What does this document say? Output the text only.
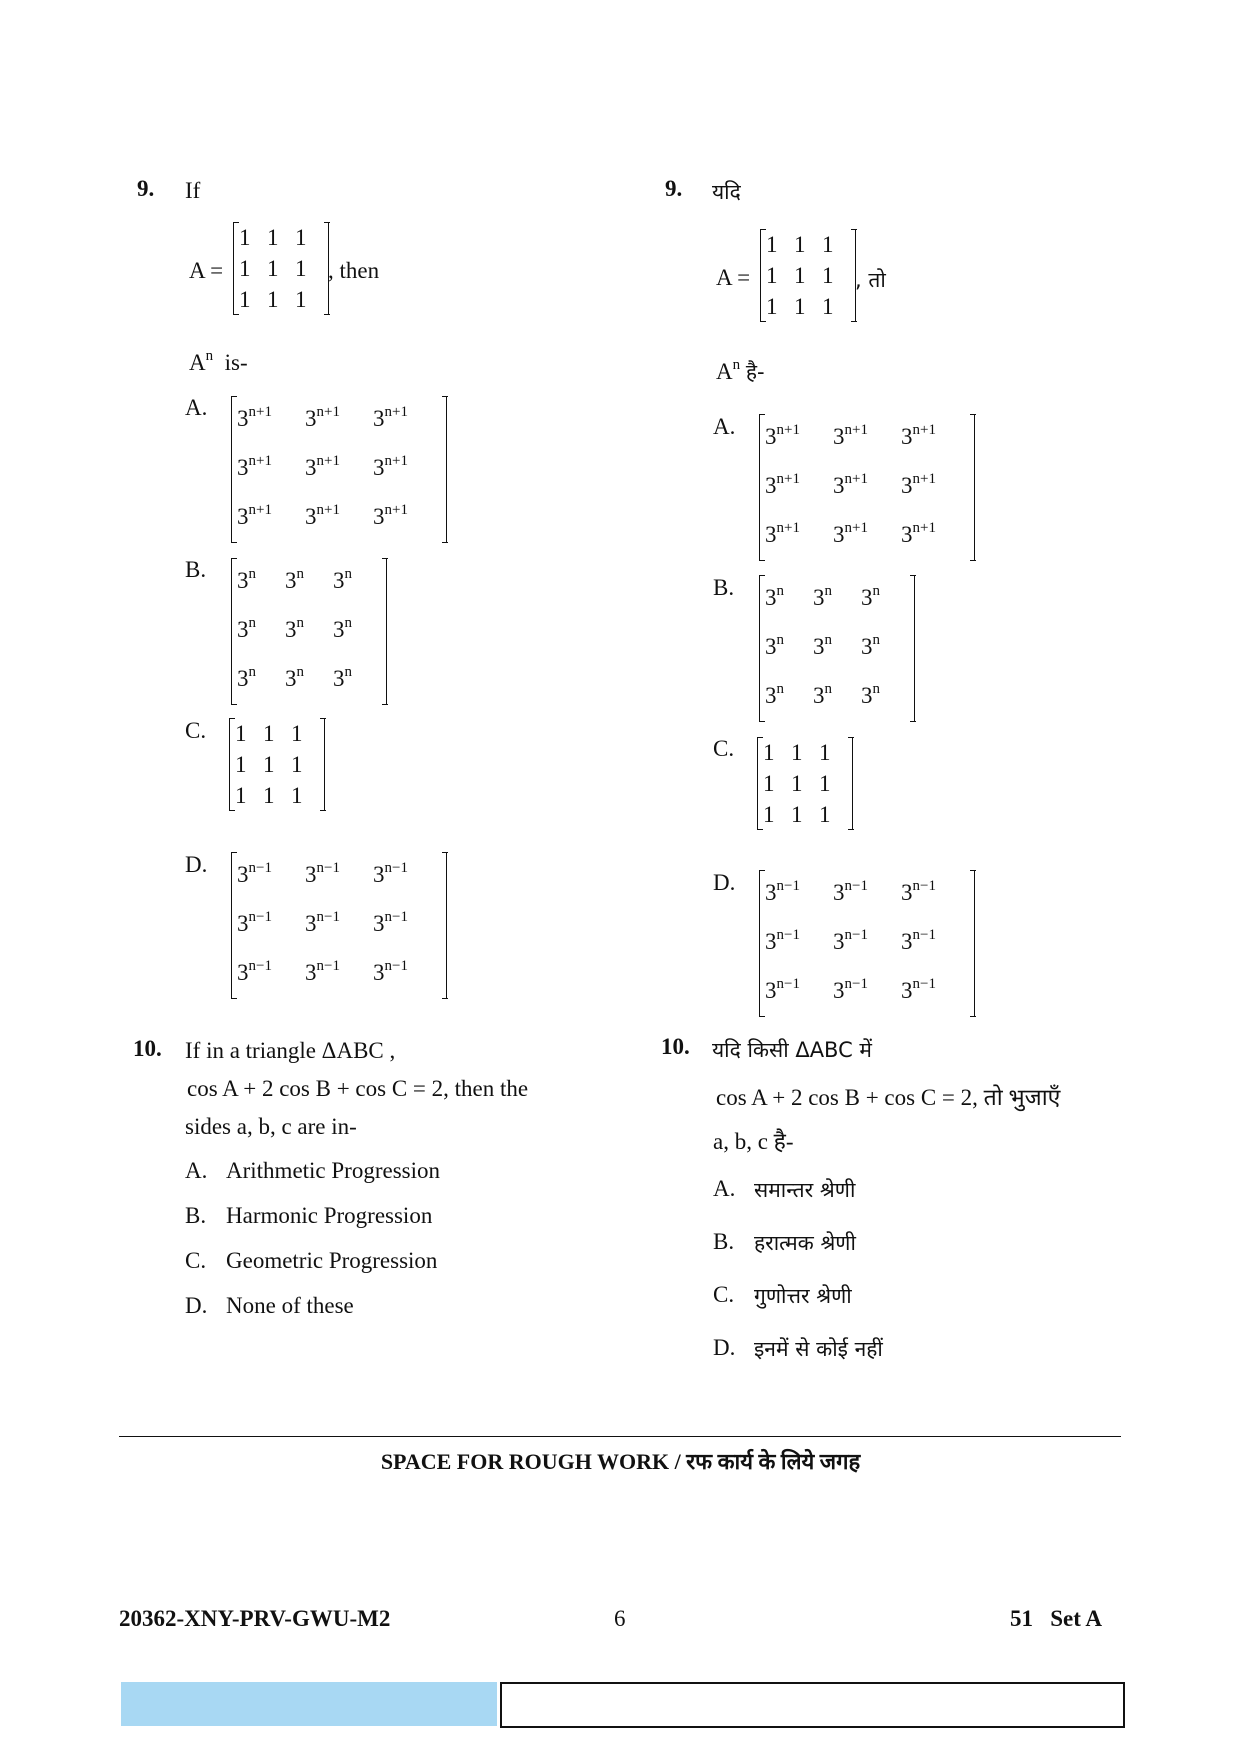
9. If
A =
1 1 1
1 1 1
1 1 1
, then
$A^n$ is-
A. $3^{n+1}$	$3^{n+1}$	$3^{n+1}$
$3^{n+1}$	$3^{n+1}$	$3^{n+1}$
$3^{n+1}$	$3^{n+1}$	$3^{n+1}$
B. 3$^n$	3$^n$	3$^n$
3$^n$	3$^n$	3$^n$
3$^n$	3$^n$	3$^n$
C. 1 1 1
1 1 1
1 1 1
D. $3^{n-1}$	$3^{n-1}$	$3^{n-1}$
$3^{n-1}$	$3^{n-1}$	$3^{n-1}$
$3^{n-1}$	$3^{n-1}$	$3^{n-1}$
10. If in a triangle ΔABC ,
cos A + 2 cos B + cos C = 2, then the
sides a, b, c are in-
A. Arithmetic Progression
B. Harmonic Progression
C. Geometric Progression
D. None of these
9. यदि
A =
1 1 1
1 1 1
1 1 1
, तो
$A^n$ है-
A. $3^{n+1}$	$3^{n+1}$	$3^{n+1}$
$3^{n+1}$	$3^{n+1}$	$3^{n+1}$
$3^{n+1}$	$3^{n+1}$	$3^{n+1}$
B. 3$^n$	3$^n$	3$^n$
3$^n$	3$^n$	3$^n$
3$^n$	3$^n$	3$^n$
C. 1 1 1
1 1 1
1 1 1
D. $3^{n-1}$	$3^{n-1}$	$3^{n-1}$
$3^{n-1}$	$3^{n-1}$	$3^{n-1}$
$3^{n-1}$	$3^{n-1}$	$3^{n-1}$
10. यदि किसी ΔABC में
cos A + 2 cos B + cos C = 2, तो भुजाएँ
a, b, c है-
A. समान्तर श्रेणी
B. हरात्मक श्रेणी
C. गुणोत्तर श्रेणी
D. इनमें से कोई नहीं
SPACE FOR ROUGH WORK / रफ कार्य के लिये जगह
20362-XNY-PRV-GWU-M2	6	51   Set A
